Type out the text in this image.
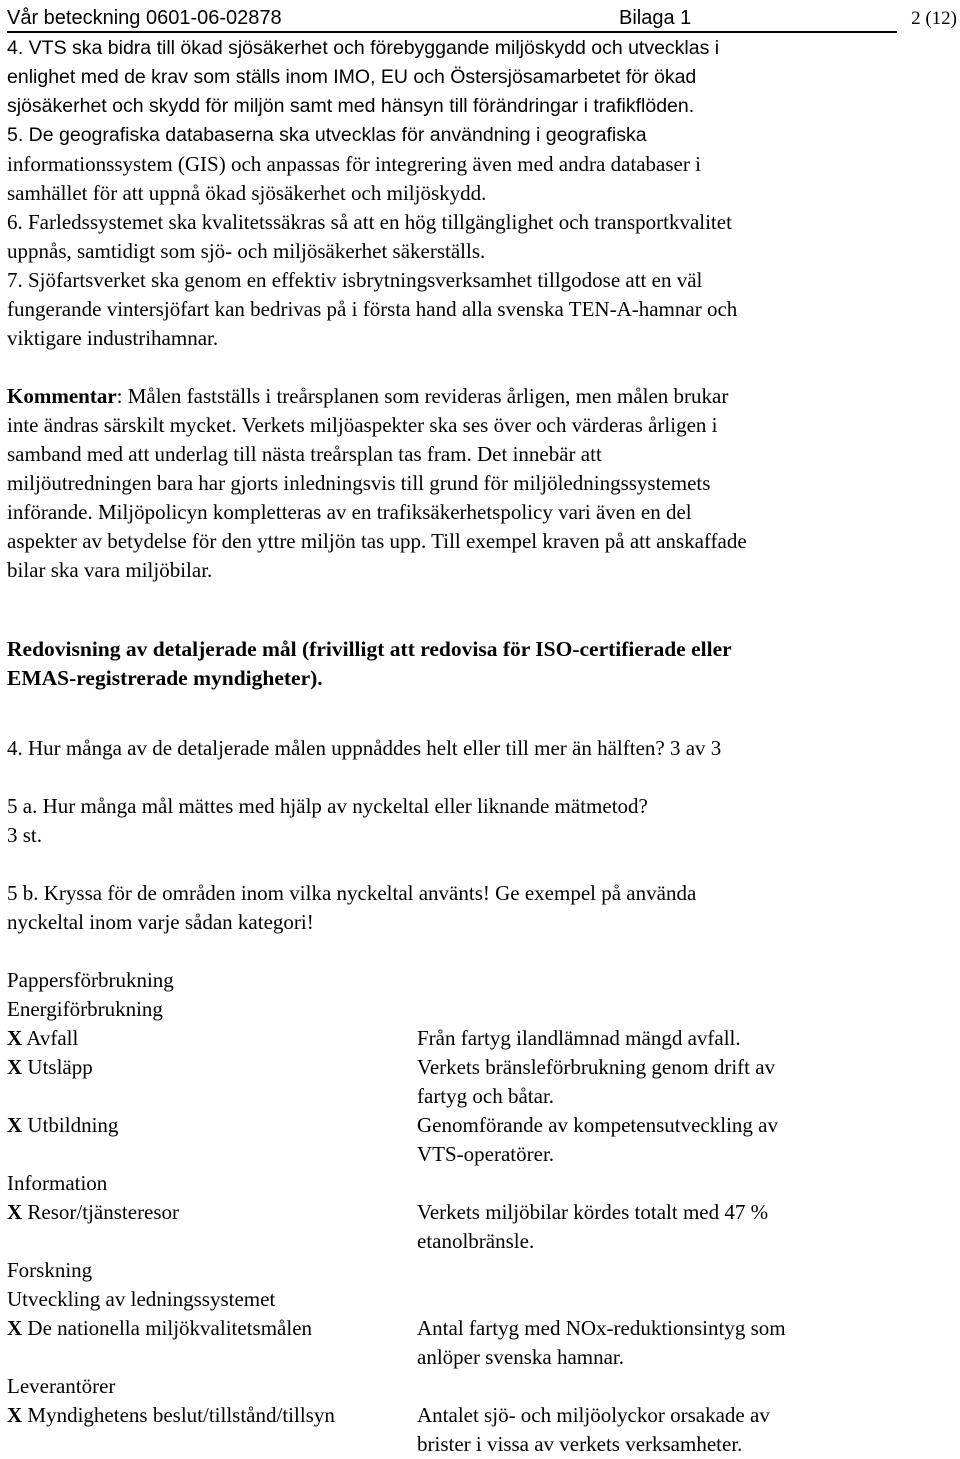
Vår beteckning 0601-06-02878	Bilaga 1	2 (12)

4. VTS ska bidra till ökad sjösäkerhet och förebyggande miljöskydd och utvecklas i

enlighet med de krav som ställs inom IMO, EU och Östersjösamarbetet för ökad

sjösäkerhet och skydd för miljön samt med hänsyn till förändringar i trafikflöden.

5. De geografiska databaserna ska utvecklas för användning i geografiska

informationssystem (GIS) och anpassas för integrering även med andra databaser i

samhället för att uppnå ökad sjösäkerhet och miljöskydd.

6. Farledssystemet ska kvalitetssäkras så att en hög tillgänglighet och transportkvalitet

uppnås, samtidigt som sjö- och miljösäkerhet säkerställs.

7. Sjöfartsverket ska genom en effektiv isbrytningsverksamhet tillgodose att en väl

fungerande vintersjöfart kan bedrivas på i första hand alla svenska TEN-A-hamnar och

viktigare industrihamnar.

Kommentar: Målen fastställs i treårsplanen som revideras årligen, men målen brukar

inte ändras särskilt mycket. Verkets miljöaspekter ska ses över och värderas årligen i

samband med att underlag till nästa treårsplan tas fram. Det innebär att

miljöutredningen bara har gjorts inledningsvis till grund för miljöledningssystemets

införande. Miljöpolicyn kompletteras av en trafiksäkerhetspolicy vari även en del

aspekter av betydelse för den yttre miljön tas upp. Till exempel kraven på att anskaffade

bilar ska vara miljöbilar.

Redovisning av detaljerade mål (frivilligt att redovisa för ISO-certifierade eller

EMAS-registrerade myndigheter).

4. Hur många av de detaljerade målen uppnåddes helt eller till mer än hälften? 3 av 3

5 a. Hur många mål mättes med hjälp av nyckeltal eller liknande mätmetod?

3 st.

5 b. Kryssa för de områden inom vilka nyckeltal använts! Ge exempel på använda

nyckeltal inom varje sådan kategori!

Pappersförbrukning
Energiförbrukning
X Avfall	Från fartyg ilandlämnad mängd avfall.

X Utsläpp	Verkets bränsleförbrukning genom drift av

fartyg och båtar.

X Utbildning	Genomförande av kompetensutveckling av

VTS-operatörer.

Information
X Resor/tjänsteresor	Verkets miljöbilar kördes totalt med 47 %

etanolbränsle.

Forskning
Utveckling av ledningssystemet
X De nationella miljökvalitetsmålen	Antal fartyg med NOx-reduktionsintyg som

anlöper svenska hamnar.

Leverantörer
X Myndighetens beslut/tillstånd/tillsyn	Antalet sjö- och miljöolyckor orsakade av

brister i vissa av verkets verksamheter.
